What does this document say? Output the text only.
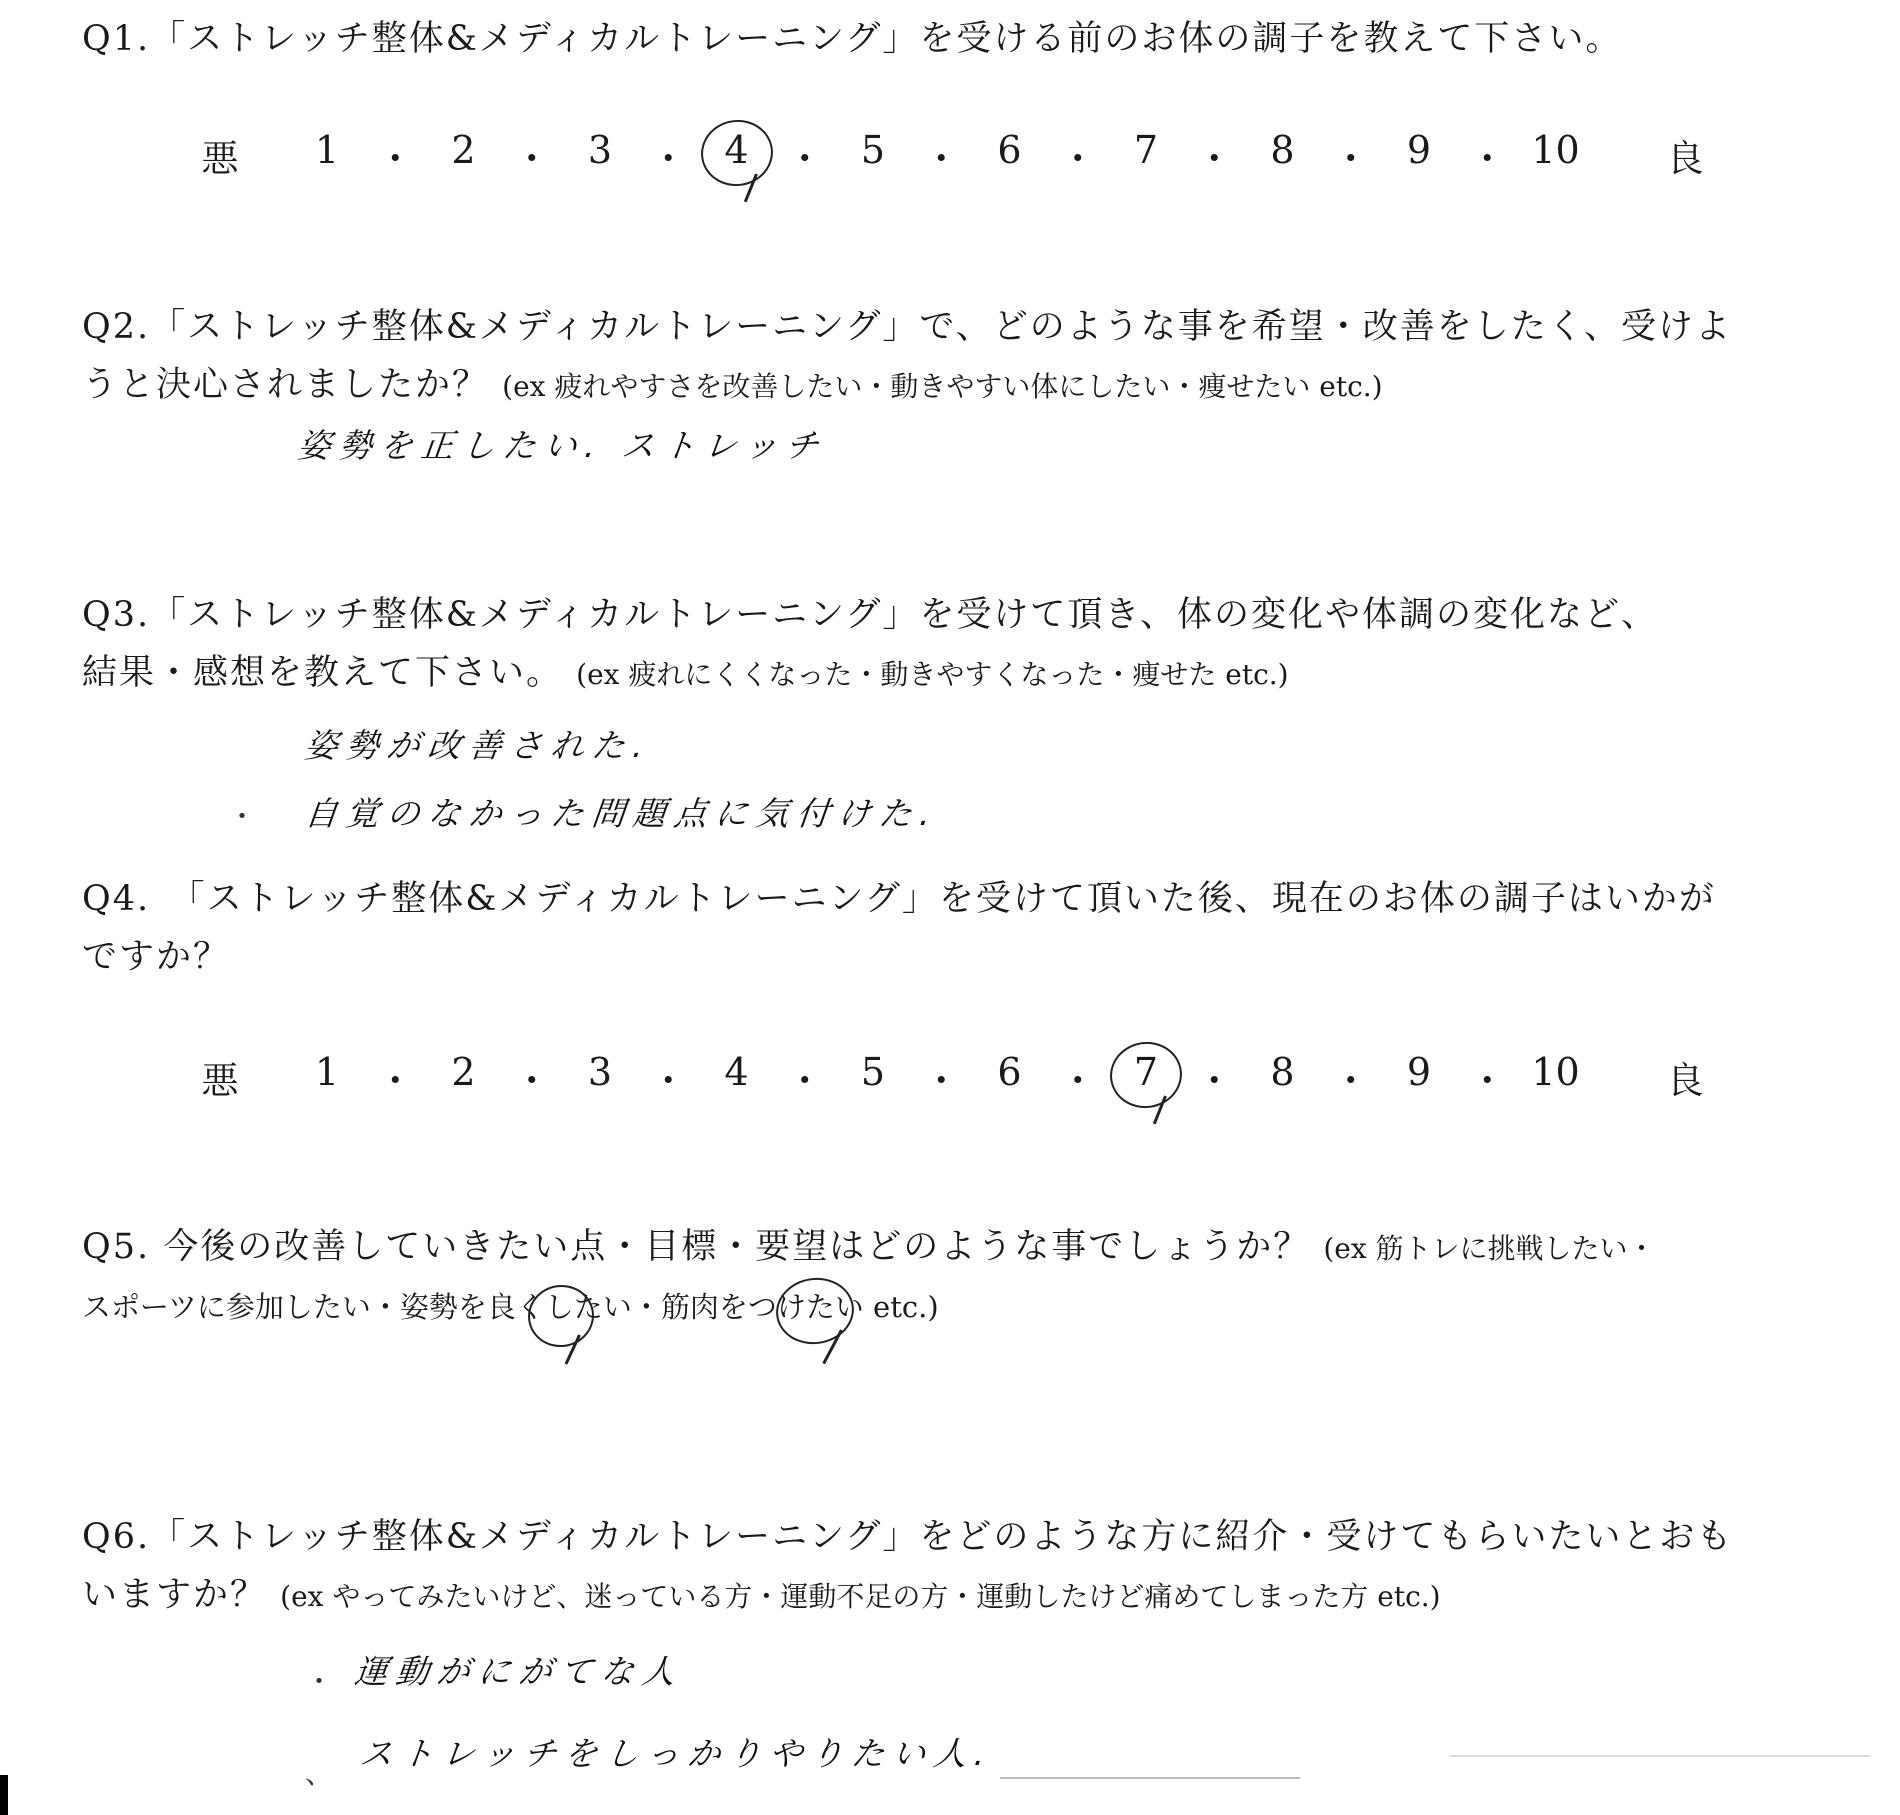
Q1.「ストレッチ整体&メディカルトレーニング」を受ける前のお体の調子を教えて下さい。
悪 1 ・ 2 ・ 3 ・ 4 ・ 5 ・ 6 ・ 7 ・ 8 ・ 9 ・ 10 良
Q2.「ストレッチ整体&メディカルトレーニング」で、どのような事を希望・改善をしたく、受けよ
うと決心されましたか？ (ex 疲れやすさを改善したい・動きやすい体にしたい・痩せたい etc.)
姿勢を正したい. ストレッチ
Q3.「ストレッチ整体&メディカルトレーニング」を受けて頂き、体の変化や体調の変化など、
結果・感想を教えて下さい。 (ex 疲れにくくなった・動きやすくなった・痩せた etc.)
姿勢が改善された.
・ 自覚のなかった問題点に気付けた.
Q4.　「ストレッチ整体&メディカルトレーニング」を受けて頂いた後、現在のお体の調子はいかが
ですか？
悪 1 ・ 2 ・ 3 ・ 4 ・ 5 ・ 6 ・ 7 ・ 8 ・ 9 ・ 10 良
Q5. 今後の改善していきたい点・目標・要望はどのような事でしょうか？ (ex 筋トレに挑戦したい・
スポーツに参加したい・姿勢を良くしたい・筋肉をつけたい etc.)
Q6.「ストレッチ整体&メディカルトレーニング」をどのような方に紹介・受けてもらいたいとおも
いますか？ (ex やってみたいけど、迷っている方・運動不足の方・運動したけど痛めてしまった方 etc.)
・ 運動がにがてな人
、
ストレッチをしっかりやりたい人.
